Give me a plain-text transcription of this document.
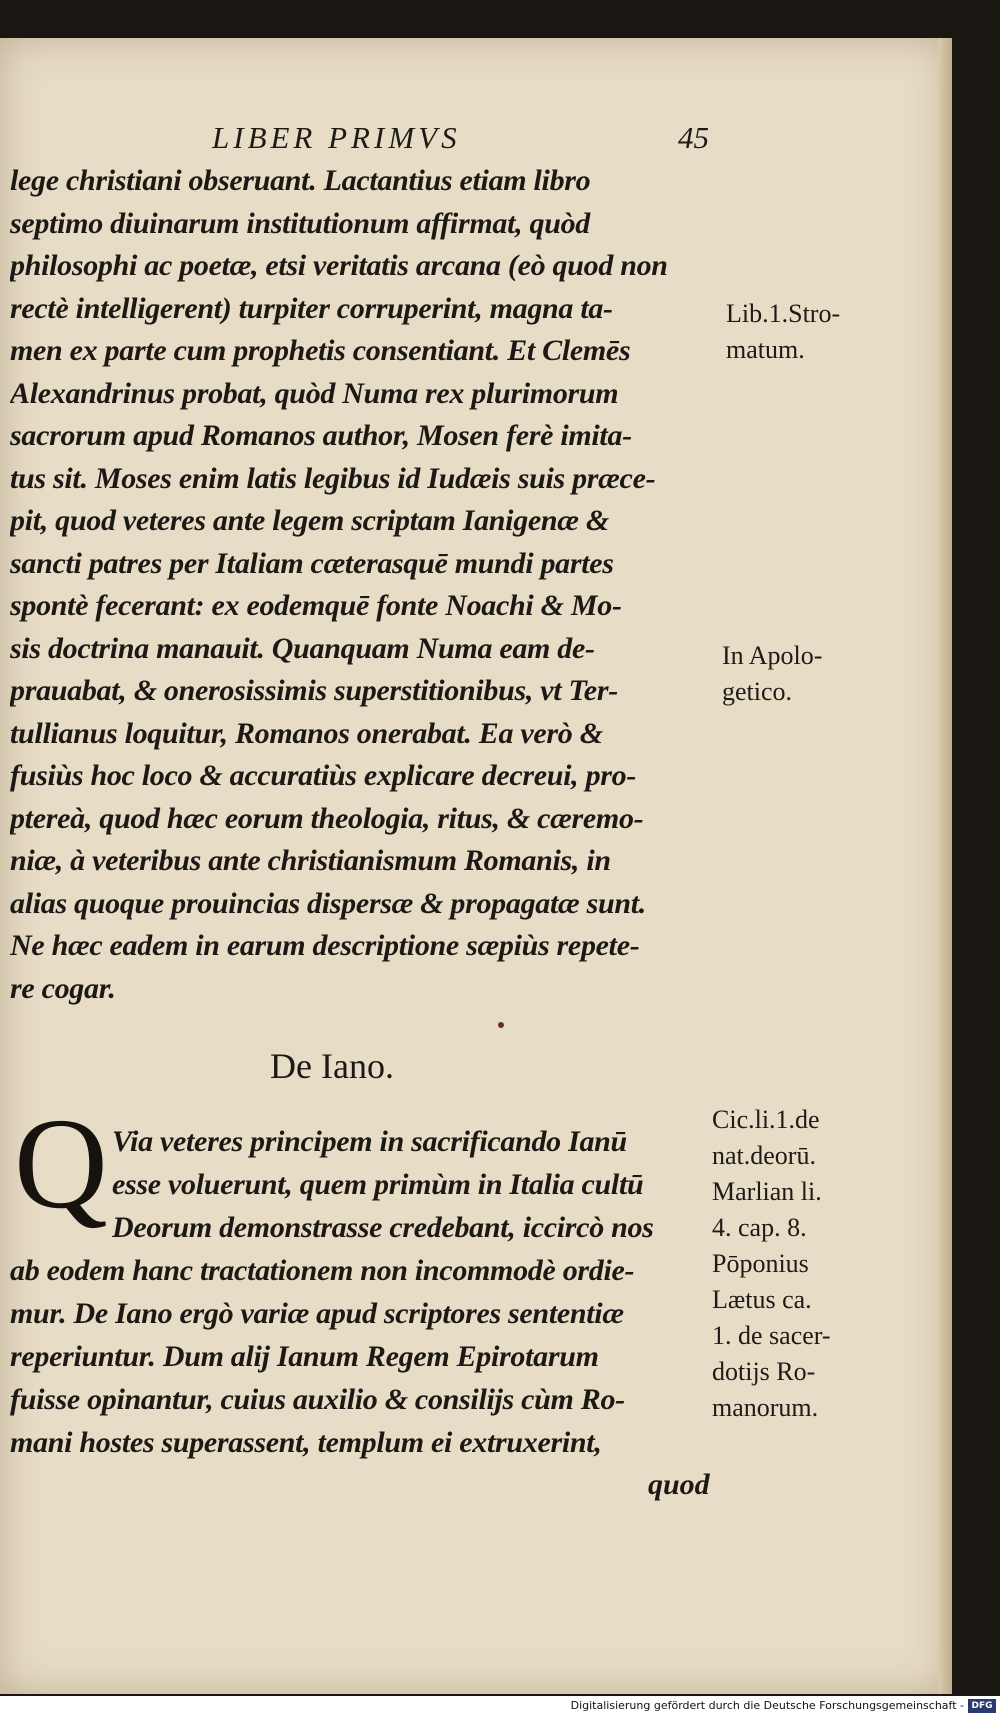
LIBER PRIMVS	45
lege christiani obseruant. Lactantius etiam libro
septimo diuinarum institutionum affirmat, quòd
philosophi ac poetæ, etsi veritatis arcana (eò quod non
rectè intelligerent) turpiter corruperint, magna ta-
men ex parte cum prophetis consentiant. Et Clemēs
Alexandrinus probat, quòd Numa rex plurimorum
sacrorum apud Romanos author, Mosen ferè imita-
tus sit. Moses enim latis legibus id Iudæis suis præce-
pit, quod veteres ante legem scriptam Ianigenæ &
sancti patres per Italiam cæterasquē mundi partes
spontè fecerant: ex eodemquē fonte Noachi & Mo-
sis doctrina manauit. Quanquam Numa eam de-
prauabat, & onerosissimis superstitionibus, vt Ter-
tullianus loquitur, Romanos onerabat. Ea verò &
fusiùs hoc loco & accuratiùs explicare decreui, pro-
ptereà, quod hæc eorum theologia, ritus, & cæremo-
niæ, à veteribus ante christianismum Romanis, in
alias quoque prouincias dispersæ & propagatæ sunt.
Ne hæc eadem in earum descriptione sæpiùs repete-
re cogar.
Lib.1.Stro-
matum.
In Apolo-
getico.
De Iano.
Q Via veteres principem in sacrificando Ianū
esse voluerunt, quem primùm in Italia cultū
Deorum demonstrasse credebant, iccircò nos
ab eodem hanc tractationem non incommodè ordie-
mur. De Iano ergò variæ apud scriptores sententiæ
reperiuntur. Dum alij Ianum Regem Epirotarum
fuisse opinantur, cuius auxilio & consilijs cùm Ro-
mani hostes superassent, templum ei extruxerint,
Cic.li.1.de
nat.deorū.
Marlian li.
4. cap. 8.
Pōponius
Lætus ca.
1. de sacer-
dotijs Ro-
manorum.
quod
Digitalisierung gefördert durch die Deutsche Forschungsgemeinschaft - DFG
